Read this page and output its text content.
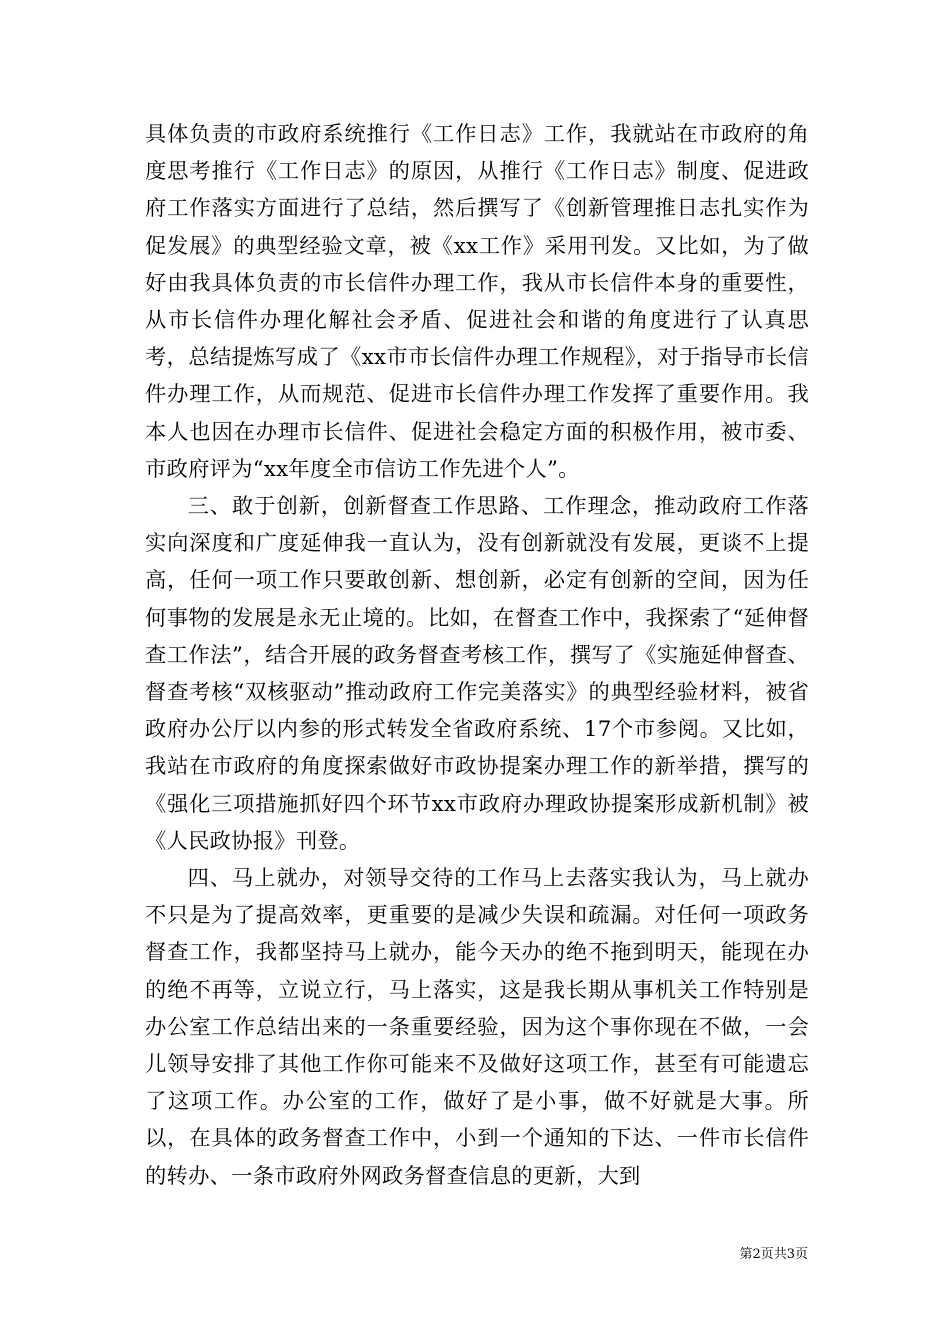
具体负责的市政府系统推行《工作日志》工作，我就站在市政府的角度思考推行《工作日志》的原因，从推行《工作日志》制度、促进政府工作落实方面进行了总结，然后撰写了《创新管理推日志扎实作为促发展》的典型经验文章，被《xx工作》采用刊发。又比如，为了做好由我具体负责的市长信件办理工作，我从市长信件本身的重要性，从市长信件办理化解社会矛盾、促进社会和谐的角度进行了认真思考，总结提炼写成了《xx市市长信件办理工作规程》，对于指导市长信件办理工作，从而规范、促进市长信件办理工作发挥了重要作用。我本人也因在办理市长信件、促进社会稳定方面的积极作用，被市委、市政府评为“xx年度全市信访工作先进个人”。

三、敢于创新，创新督查工作思路、工作理念，推动政府工作落实向深度和广度延伸我一直认为，没有创新就没有发展，更谈不上提高，任何一项工作只要敢创新、想创新，必定有创新的空间，因为任何事物的发展是永无止境的。比如，在督查工作中，我探索了“延伸督查工作法”，结合开展的政务督查考核工作，撰写了《实施延伸督查、督查考核“双核驱动”推动政府工作完美落实》的典型经验材料，被省政府办公厅以内参的形式转发全省政府系统、17个市参阅。又比如，我站在市政府的角度探索做好市政协提案办理工作的新举措，撰写的《强化三项措施抓好四个环节xx市政府办理政协提案形成新机制》被《人民政协报》刊登。

四、马上就办，对领导交待的工作马上去落实我认为，马上就办不只是为了提高效率，更重要的是减少失误和疏漏。对任何一项政务督查工作，我都坚持马上就办，能今天办的绝不拖到明天，能现在办的绝不再等，立说立行，马上落实，这是我长期从事机关工作特别是办公室工作总结出来的一条重要经验，因为这个事你现在不做，一会儿领导安排了其他工作你可能来不及做好这项工作，甚至有可能遗忘了这项工作。办公室的工作，做好了是小事，做不好就是大事。所以，在具体的政务督查工作中，小到一个通知的下达、一件市长信件的转办、一条市政府外网政务督查信息的更新，大到

第2页共3页
